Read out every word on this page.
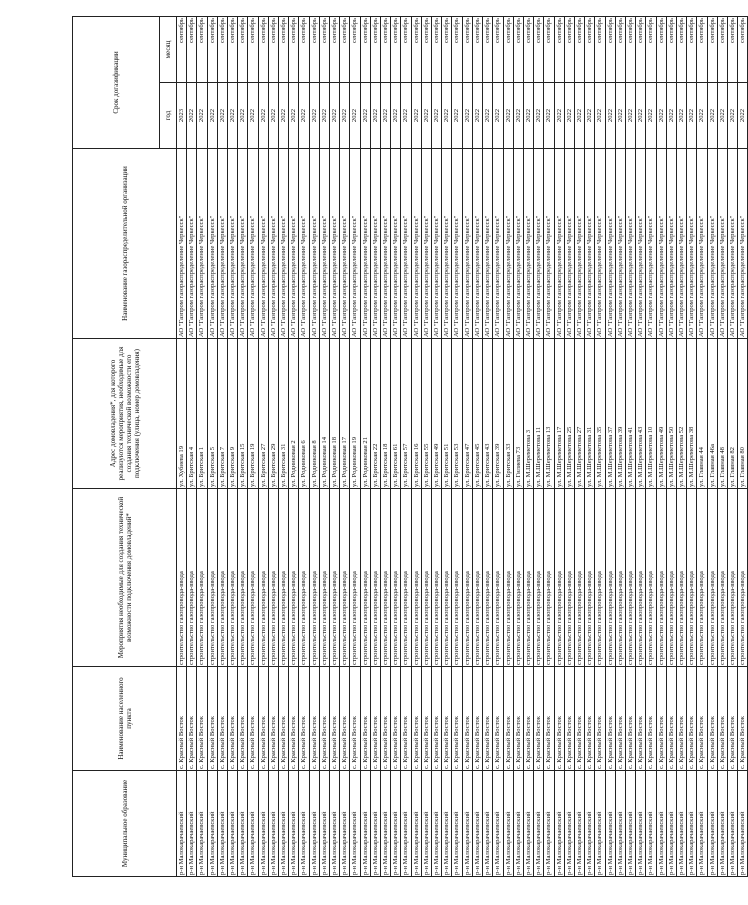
Муниципальное образование	Наименование населенного пункта	Мероприятия необходимые для создания технической возможности подключения домовладений*	Адрес домовладения*, для которого реализуются мероприятия, необходимые для создания технической возможности его подключения (улица, номер домовладения)	Наименование газораспределительной организации	Срок догазификации	
					год	месяц
р-н Малокарачаевский	с. Красный Восток	строительство газопровода-ввода	ул. Хубиева 19	АО "Газпром газораспределение Черкесск"	2023	сентябрь
р-н Малокарачаевский	с. Красный Восток	строительство газопровода-ввода	ул. Бритская 4	АО "Газпром газораспределение Черкесск"	2022	сентябрь
р-н Малокарачаевский	с. Красный Восток	строительство газопровода-ввода	ул. Бритская 1	АО "Газпром газораспределение Черкесск"	2022	сентябрь
р-н Малокарачаевский	с. Красный Восток	строительство газопровода-ввода	ул. Бритская 5	АО "Газпром газораспределение Черкесск"	2022	сентябрь
р-н Малокарачаевский	с. Красный Восток	строительство газопровода-ввода	ул. Бритская 7	АО "Газпром газораспределение Черкесск"	2022	сентябрь
р-н Малокарачаевский	с. Красный Восток	строительство газопровода-ввода	ул. Бритская 9	АО "Газпром газораспределение Черкесск"	2022	сентябрь
р-н Малокарачаевский	с. Красный Восток	строительство газопровода-ввода	ул. Бритская 15	АО "Газпром газораспределение Черкесск"	2022	сентябрь
р-н Малокарачаевский	с. Красный Восток	строительство газопровода-ввода	ул. Бритская 19	АО "Газпром газораспределение Черкесск"	2022	сентябрь
р-н Малокарачаевский	с. Красный Восток	строительство газопровода-ввода	ул. Бритская 27	АО "Газпром газораспределение Черкесск"	2022	сентябрь
р-н Малокарачаевский	с. Красный Восток	строительство газопровода-ввода	ул. Бритская 29	АО "Газпром газораспределение Черкесск"	2022	сентябрь
р-н Малокарачаевский	с. Красный Восток	строительство газопровода-ввода	ул. Бритская 31	АО "Газпром газораспределение Черкесск"	2022	сентябрь
р-н Малокарачаевский	с. Красный Восток	строительство газопровода-ввода	ул. Родниковая 2	АО "Газпром газораспределение Черкесск"	2022	сентябрь
р-н Малокарачаевский	с. Красный Восток	строительство газопровода-ввода	ул. Родниковая 6	АО "Газпром газораспределение Черкесск"	2022	сентябрь
р-н Малокарачаевский	с. Красный Восток	строительство газопровода-ввода	ул. Родниковая 8	АО "Газпром газораспределение Черкесск"	2022	сентябрь
р-н Малокарачаевский	с. Красный Восток	строительство газопровода-ввода	ул. Родниковая 14	АО "Газпром газораспределение Черкесск"	2022	сентябрь
р-н Малокарачаевский	с. Красный Восток	строительство газопровода-ввода	ул. Родниковая 18	АО "Газпром газораспределение Черкесск"	2022	сентябрь
р-н Малокарачаевский	с. Красный Восток	строительство газопровода-ввода	ул. Родниковая 17	АО "Газпром газораспределение Черкесск"	2022	сентябрь
р-н Малокарачаевский	с. Красный Восток	строительство газопровода-ввода	ул. Родниковая 19	АО "Газпром газораспределение Черкесск"	2022	сентябрь
р-н Малокарачаевский	с. Красный Восток	строительство газопровода-ввода	ул. Родниковая 21	АО "Газпром газораспределение Черкесск"	2022	сентябрь
р-н Малокарачаевский	с. Красный Восток	строительство газопровода-ввода	ул. Бритская 22	АО "Газпром газораспределение Черкесск"	2022	сентябрь
р-н Малокарачаевский	с. Красный Восток	строительство газопровода-ввода	ул. Бритская 18	АО "Газпром газораспределение Черкесск"	2022	сентябрь
р-н Малокарачаевский	с. Красный Восток	строительство газопровода-ввода	ул. Бритская 61	АО "Газпром газораспределение Черкесск"	2022	сентябрь
р-н Малокарачаевский	с. Красный Восток	строительство газопровода-ввода	ул. Бритская 57	АО "Газпром газораспределение Черкесск"	2022	сентябрь
р-н Малокарачаевский	с. Красный Восток	строительство газопровода-ввода	ул. Бритская 16	АО "Газпром газораспределение Черкесск"	2022	сентябрь
р-н Малокарачаевский	с. Красный Восток	строительство газопровода-ввода	ул. Бритская 55	АО "Газпром газораспределение Черкесск"	2022	сентябрь
р-н Малокарачаевский	с. Красный Восток	строительство газопровода-ввода	ул. Бритская 49	АО "Газпром газораспределение Черкесск"	2022	сентябрь
р-н Малокарачаевский	с. Красный Восток	строительство газопровода-ввода	ул. Бритская 51	АО "Газпром газораспределение Черкесск"	2022	сентябрь
р-н Малокарачаевский	с. Красный Восток	строительство газопровода-ввода	ул. Бритская 53	АО "Газпром газораспределение Черкесск"	2022	сентябрь
р-н Малокарачаевский	с. Красный Восток	строительство газопровода-ввода	ул. Бритская 47	АО "Газпром газораспределение Черкесск"	2022	сентябрь
р-н Малокарачаевский	с. Красный Восток	строительство газопровода-ввода	ул. Бритская 45	АО "Газпром газораспределение Черкесск"	2022	сентябрь
р-н Малокарачаевский	с. Красный Восток	строительство газопровода-ввода	ул. Бритская 43	АО "Газпром газораспределение Черкесск"	2022	сентябрь
р-н Малокарачаевский	с. Красный Восток	строительство газопровода-ввода	ул. Бритская 39	АО "Газпром газораспределение Черкесск"	2022	сентябрь
р-н Малокарачаевский	с. Красный Восток	строительство газопровода-ввода	ул. Бритская 33	АО "Газпром газораспределение Черкесск"	2022	сентябрь
р-н Малокарачаевский	с. Красный Восток	строительство газопровода-ввода	ул. Гиляева 73	АО "Газпром газораспределение Черкесск"	2022	сентябрь
р-н Малокарачаевский	с. Красный Восток	строительство газопровода-ввода	ул. М.Шереметова 3	АО "Газпром газораспределение Черкесск"	2022	сентябрь
р-н Малокарачаевский	с. Красный Восток	строительство газопровода-ввода	ул. М.Шереметова 11	АО "Газпром газораспределение Черкесск"	2022	сентябрь
р-н Малокарачаевский	с. Красный Восток	строительство газопровода-ввода	ул. М.Шереметова 13	АО "Газпром газораспределение Черкесск"	2022	сентябрь
р-н Малокарачаевский	с. Красный Восток	строительство газопровода-ввода	ул. М.Шереметова 17	АО "Газпром газораспределение Черкесск"	2022	сентябрь
р-н Малокарачаевский	с. Красный Восток	строительство газопровода-ввода	ул. М.Шереметова 25	АО "Газпром газораспределение Черкесск"	2022	сентябрь
р-н Малокарачаевский	с. Красный Восток	строительство газопровода-ввода	ул. М.Шереметова 27	АО "Газпром газораспределение Черкесск"	2022	сентябрь
р-н Малокарачаевский	с. Красный Восток	строительство газопровода-ввода	ул. М.Шереметова 31	АО "Газпром газораспределение Черкесск"	2022	сентябрь
р-н Малокарачаевский	с. Красный Восток	строительство газопровода-ввода	ул. М.Шереметова 35	АО "Газпром газораспределение Черкесск"	2022	сентябрь
р-н Малокарачаевский	с. Красный Восток	строительство газопровода-ввода	ул. М.Шереметова 37	АО "Газпром газораспределение Черкесск"	2022	сентябрь
р-н Малокарачаевский	с. Красный Восток	строительство газопровода-ввода	ул. М.Шереметова 39	АО "Газпром газораспределение Черкесск"	2022	сентябрь
р-н Малокарачаевский	с. Красный Восток	строительство газопровода-ввода	ул. М.Шереметова 41	АО "Газпром газораспределение Черкесск"	2022	сентябрь
р-н Малокарачаевский	с. Красный Восток	строительство газопровода-ввода	ул. М.Шереметова 43	АО "Газпром газораспределение Черкесск"	2022	сентябрь
р-н Малокарачаевский	с. Красный Восток	строительство газопровода-ввода	ул. М.Шереметова 10	АО "Газпром газораспределение Черкесск"	2022	сентябрь
р-н Малокарачаевский	с. Красный Восток	строительство газопровода-ввода	ул. М.Шереметова 49	АО "Газпром газораспределение Черкесск"	2022	сентябрь
р-н Малокарачаевский	с. Красный Восток	строительство газопровода-ввода	ул. М.Шереметова 50	АО "Газпром газораспределение Черкесск"	2022	сентябрь
р-н Малокарачаевский	с. Красный Восток	строительство газопровода-ввода	ул. М.Шереметова 52	АО "Газпром газораспределение Черкесск"	2022	сентябрь
р-н Малокарачаевский	с. Красный Восток	строительство газопровода-ввода	ул. М.Шереметова 38	АО "Газпром газораспределение Черкесск"	2022	сентябрь
р-н Малокарачаевский	с. Красный Восток	строительство газопровода-ввода	ул. Главная 44	АО "Газпром газораспределение Черкесск"	2022	сентябрь
р-н Малокарачаевский	с. Красный Восток	строительство газопровода-ввода	ул. Главная 46а	АО "Газпром газораспределение Черкесск"	2022	сентябрь
р-н Малокарачаевский	с. Красный Восток	строительство газопровода-ввода	ул. Главная 48	АО "Газпром газораспределение Черкесск"	2022	сентябрь
р-н Малокарачаевский	с. Красный Восток	строительство газопровода-ввода	ул. Главная 82	АО "Газпром газораспределение Черкесск"	2022	сентябрь
р-н Малокарачаевский	с. Красный Восток	строительство газопровода-ввода	ул. Главная 80	АО "Газпром газораспределение Черкесск"	2022	сентябрь
